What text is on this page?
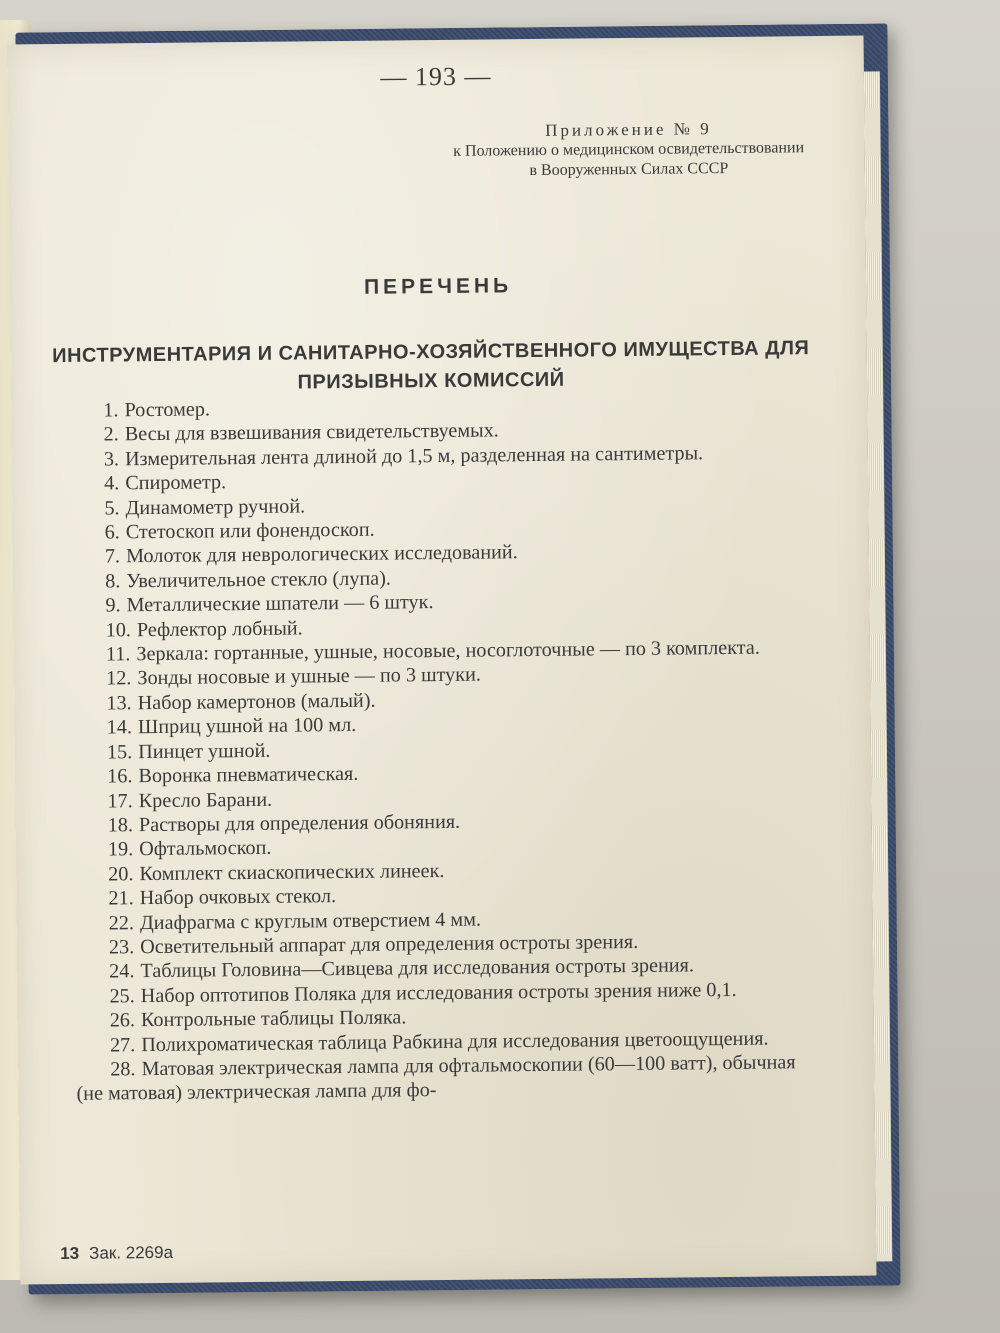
— 193 —
Приложение № 9
к Положению о медицинском освидетельствовании в Вооруженных Силах СССР
ПЕРЕЧЕНЬ
ИНСТРУМЕНТАРИЯ И САНИТАРНО-ХОЗЯЙСТВЕННОГО ИМУЩЕСТВА ДЛЯ ПРИЗЫВНЫХ КОМИССИЙ
1. Ростомер.
2. Весы для взвешивания свидетельствуемых.
3. Измерительная лента длиной до 1,5 м, разделенная на сантиметры.
4. Спирометр.
5. Динамометр ручной.
6. Стетоскоп или фонендоскоп.
7. Молоток для неврологических исследований.
8. Увеличительное стекло (лупа).
9. Металлические шпатели — 6 штук.
10. Рефлектор лобный.
11. Зеркала: гортанные, ушные, носовые, носоглоточные — по 3 комплекта.
12. Зонды носовые и ушные — по 3 штуки.
13. Набор камертонов (малый).
14. Шприц ушной на 100 мл.
15. Пинцет ушной.
16. Воронка пневматическая.
17. Кресло Барани.
18. Растворы для определения обоняния.
19. Офтальмоскоп.
20. Комплект скиаскопических линеек.
21. Набор очковых стекол.
22. Диафрагма с круглым отверстием 4 мм.
23. Осветительный аппарат для определения остроты зрения.
24. Таблицы Головина—Сивцева для исследования остроты зрения.
25. Набор оптотипов Поляка для исследования остроты зрения ниже 0,1.
26. Контрольные таблицы Поляка.
27. Полихроматическая таблица Рабкина для исследования цветоощущения.
28. Матовая электрическая лампа для офтальмоскопии (60—100 ватт), обычная (не матовая) электрическая лампа для фо-
13 Зак. 2269а
